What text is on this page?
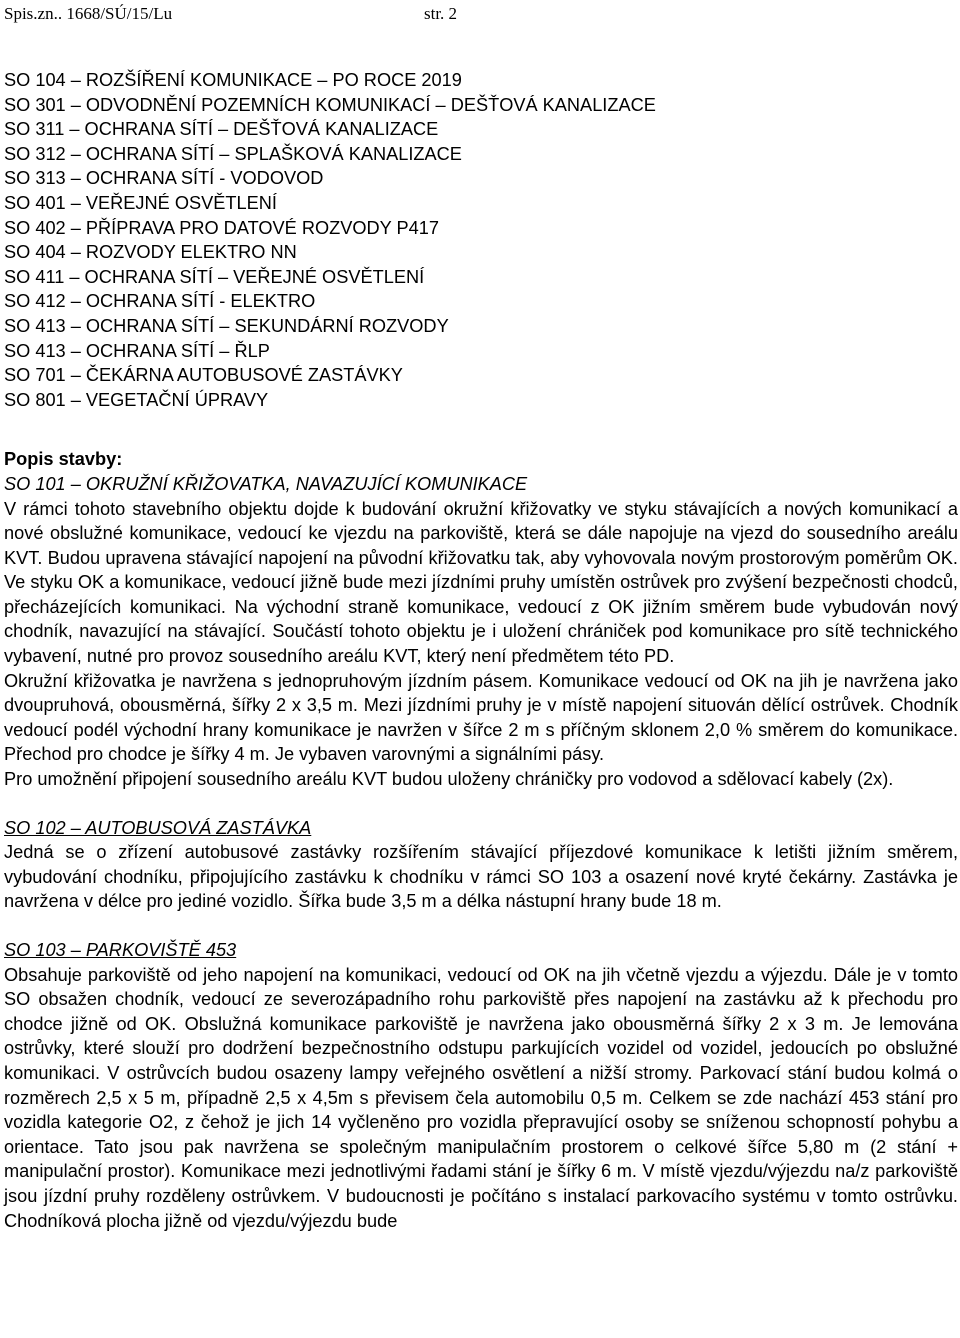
Spis.zn.. 1668/SÚ/15/Lu	str. 2
SO 104 – ROZŠÍŘENÍ KOMUNIKACE – PO ROCE 2019
SO 301 – ODVODNĚNÍ POZEMNÍCH KOMUNIKACÍ – DEŠŤOVÁ KANALIZACE
SO 311 – OCHRANA SÍTÍ – DEŠŤOVÁ KANALIZACE
SO 312 – OCHRANA SÍTÍ – SPLAŠKOVÁ KANALIZACE
SO 313 – OCHRANA SÍTÍ - VODOVOD
SO 401 – VEŘEJNÉ OSVĚTLENÍ
SO 402 – PŘÍPRAVA PRO DATOVÉ ROZVODY P417
SO 404 – ROZVODY ELEKTRO NN
SO 411 – OCHRANA SÍTÍ – VEŘEJNÉ OSVĚTLENÍ
SO 412 – OCHRANA SÍTÍ - ELEKTRO
SO 413 – OCHRANA SÍTÍ – SEKUNDÁRNÍ ROZVODY
SO 413 – OCHRANA SÍTÍ – ŘLP
SO 701 – ČEKÁRNA AUTOBUSOVÉ ZASTÁVKY
SO 801 – VEGETAČNÍ ÚPRAVY
Popis stavby:

SO 101 – OKRUŽNÍ KŘIŽOVATKA, NAVAZUJÍCÍ KOMUNIKACE

V rámci tohoto stavebního objektu dojde k budování okružní křižovatky ve styku stávajících a nových komunikací a nové obslužné komunikace, vedoucí ke vjezdu na parkoviště, která se dále napojuje na vjezd do sousedního areálu KVT. Budou upravena stávající napojení na původní křižovatku tak, aby vyhovovala novým prostorovým poměrům OK. Ve styku OK a komunikace, vedoucí jižně bude mezi jízdními pruhy umístěn ostrůvek pro zvýšení bezpečnosti chodců, přecházejících komunikaci. Na východní straně komunikace, vedoucí z OK jižním směrem bude vybudován nový chodník, navazující na stávající. Součástí tohoto objektu je i uložení chrániček pod komunikace pro sítě technického vybavení, nutné pro provoz sousedního areálu KVT, který není předmětem této PD.

Okružní křižovatka je navržena s jednopruhovým jízdním pásem. Komunikace vedoucí od OK na jih je navržena jako dvoupruhová, obousměrná, šířky 2 x 3,5 m. Mezi jízdními pruhy je v místě napojení situován dělící ostrůvek. Chodník vedoucí podél východní hrany komunikace je navržen v šířce 2 m s příčným sklonem 2,0 % směrem do komunikace. Přechod pro chodce je šířky 4 m. Je vybaven varovnými a signálními pásy.

Pro umožnění připojení sousedního areálu KVT budou uloženy chráničky pro vodovod a sdělovací kabely (2x).

SO 102 – AUTOBUSOVÁ ZASTÁVKA

Jedná se o zřízení autobusové zastávky rozšířením stávající příjezdové komunikace k letišti jižním směrem, vybudování chodníku, připojujícího zastávku k chodníku v rámci SO 103 a osazení nové kryté čekárny. Zastávka je navržena v délce pro jediné vozidlo. Šířka bude 3,5 m a délka nástupní hrany bude 18 m.

SO 103 – PARKOVIŠTĚ 453

Obsahuje parkoviště od jeho napojení na komunikaci, vedoucí od OK na jih včetně vjezdu a výjezdu. Dále je v tomto SO obsažen chodník, vedoucí ze severozápadního rohu parkoviště přes napojení na zastávku až k přechodu pro chodce jižně od OK. Obslužná komunikace parkoviště je navržena jako obousměrná šířky 2 x 3 m. Je lemována ostrůvky, které slouží pro dodržení bezpečnostního odstupu parkujících vozidel od vozidel, jedoucích po obslužné komunikaci. V ostrůvcích budou osazeny lampy veřejného osvětlení a nižší stromy. Parkovací stání budou kolmá o rozměrech 2,5 x 5 m, případně 2,5 x 4,5m s převisem čela automobilu 0,5 m. Celkem se zde nachází 453 stání pro vozidla kategorie O2, z čehož je jich 14 vyčleněno pro vozidla přepravující osoby se sníženou schopností pohybu a orientace. Tato jsou pak navržena se společným manipulačním prostorem o celkové šířce 5,80 m (2 stání + manipulační prostor). Komunikace mezi jednotlivými řadami stání je šířky 6 m. V místě vjezdu/výjezdu na/z parkoviště jsou jízdní pruhy rozděleny ostrůvkem. V budoucnosti je počítáno s instalací parkovacího systému v tomto ostrůvku. Chodníková plocha jižně od vjezdu/výjezdu bude
